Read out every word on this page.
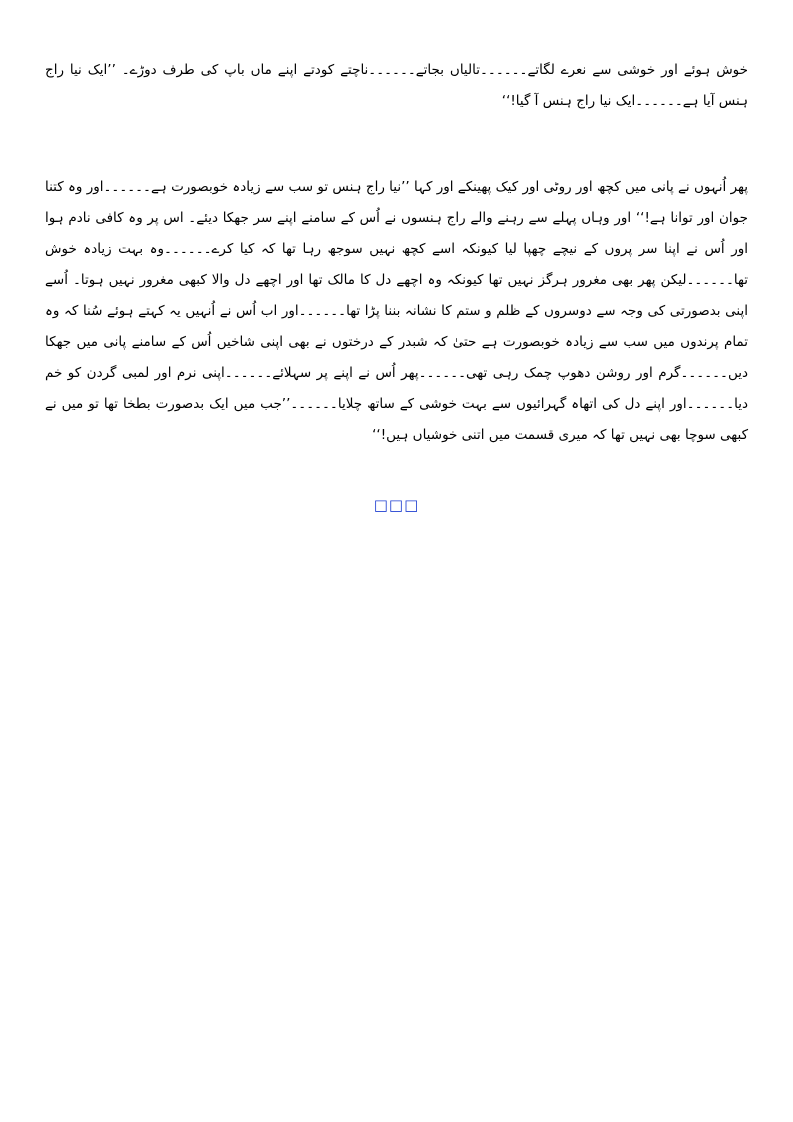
خوش ہوئے اور خوشی سے نعرے لگاتے۔۔۔۔۔۔تالیاں بجاتے۔۔۔۔۔۔ناچتے کودتے اپنے ماں باپ کی طرف دوڑے۔ ’’ایک نیا راج ہنس آیا ہے۔۔۔۔۔۔ایک نیا راج ہنس آ گیا!‘‘

پھر اُنہوں نے پانی میں کچھ اور روٹی اور کیک پھینکے اور کہا ’’نیا راج ہنس تو سب سے زیادہ خوبصورت ہے۔۔۔۔۔۔اور وہ کتنا جوان اور توانا ہے!‘‘ اور وہاں پہلے سے رہنے والے راج ہنسوں نے اُس کے سامنے اپنے سر جھکا دیئے۔ اس پر وہ کافی نادم ہوا اور اُس نے اپنا سر پروں کے نیچے چھپا لیا کیونکہ اسے کچھ نہیں سوجھ رہا تھا کہ کیا کرے۔۔۔۔۔۔وہ بہت زیادہ خوش تھا۔۔۔۔۔۔لیکن پھر بھی مغرور ہرگز نہیں تھا کیونکہ وہ اچھے دل کا مالک تھا اور اچھے دل والا کبھی مغرور نہیں ہوتا۔ اُسے اپنی بدصورتی کی وجہ سے دوسروں کے ظلم و ستم کا نشانہ بننا پڑا تھا۔۔۔۔۔۔اور اب اُس نے اُنہیں یہ کہتے ہوئے سُنا کہ وہ تمام پرندوں میں سب سے زیادہ خوبصورت ہے حتیٰ کہ شبدر کے درختوں نے بھی اپنی شاخیں اُس کے سامنے پانی میں جھکا دیں۔۔۔۔۔۔گرم اور روشن دھوپ چمک رہی تھی۔۔۔۔۔۔پھر اُس نے اپنے پر سہلائے۔۔۔۔۔۔اپنی نرم اور لمبی گردن کو خم دیا۔۔۔۔۔۔اور اپنے دل کی اتھاہ گہرائیوں سے بہت خوشی کے ساتھ چلایا۔۔۔۔۔۔’’جب میں ایک بدصورت بطخا تھا تو میں نے کبھی سوچا بھی نہیں تھا کہ میری قسمت میں اتنی خوشیاں ہیں!‘‘

□□□
